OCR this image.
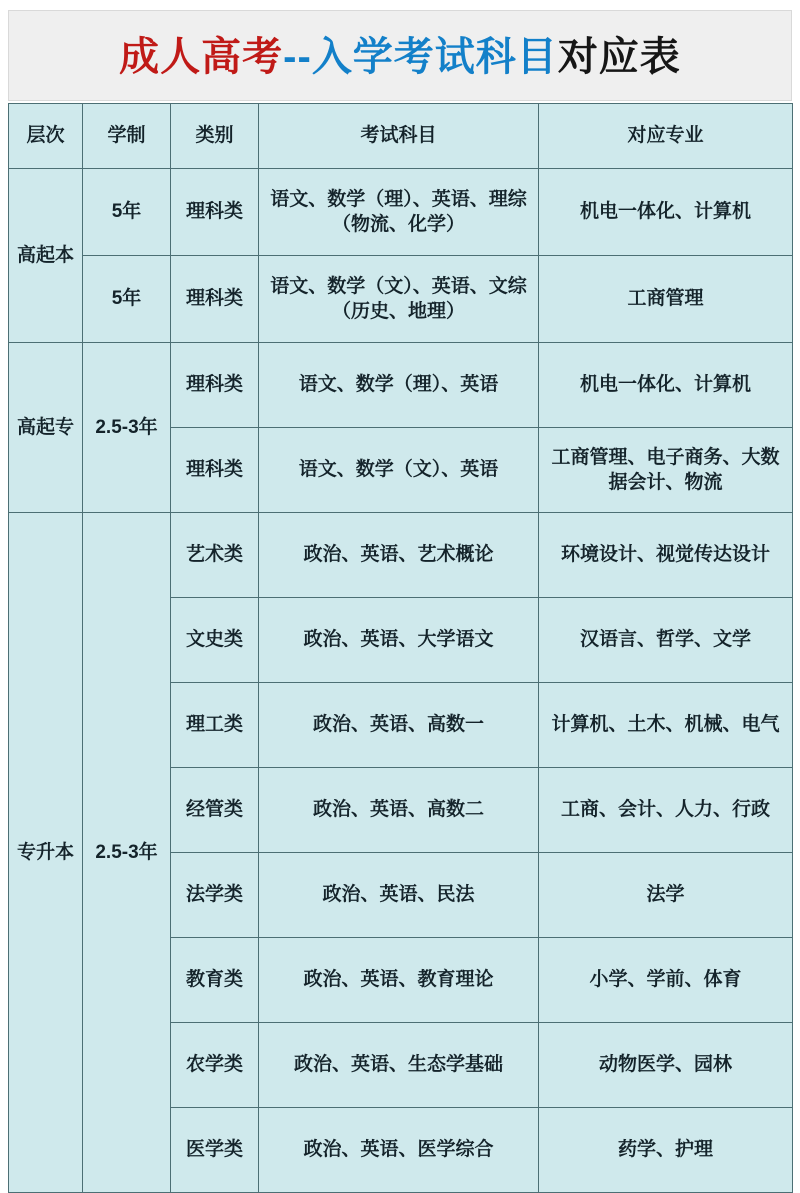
成人高考--入学考试科目对应表
层次	学制	类别	考试科目	对应专业
高起本	5年	理科类	语文、数学（理）、英语、理综（物流、化学）	机电一体化、计算机
	5年	理科类	语文、数学（文）、英语、文综（历史、地理）	工商管理
高起专	2.5-3年	理科类	语文、数学（理）、英语	机电一体化、计算机
		理科类	语文、数学（文）、英语	工商管理、电子商务、大数据会计、物流
专升本	2.5-3年	艺术类	政治、英语、艺术概论	环境设计、视觉传达设计
		文史类	政治、英语、大学语文	汉语言、哲学、文学
		理工类	政治、英语、高数一	计算机、土木、机械、电气
		经管类	政治、英语、高数二	工商、会计、人力、行政
		法学类	政治、英语、民法	法学
		教育类	政治、英语、教育理论	小学、学前、体育
		农学类	政治、英语、生态学基础	动物医学、园林
		医学类	政治、英语、医学综合	药学、护理
